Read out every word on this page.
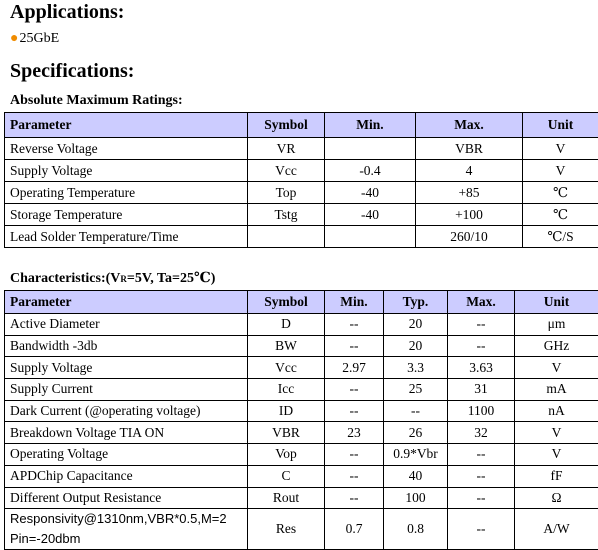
Applications:
●25GbE
Specifications:
Absolute Maximum Ratings:
Parameter	Symbol	Min.	Max.	Unit
Reverse Voltage	VR		VBR	V
Supply Voltage	Vcc	-0.4	4	V
Operating Temperature	Top	-40	+85	℃
Storage Temperature	Tstg	-40	+100	℃
Lead Solder Temperature/Time			260/10	℃/S
Characteristics:(VR=5V, Ta=25℃)
Parameter	Symbol	Min.	Typ.	Max.	Unit
Active Diameter	D	--	20	--	μm
Bandwidth -3db	BW	--	20	--	GHz
Supply Voltage	Vcc	2.97	3.3	3.63	V
Supply Current	Icc	--	25	31	mA
Dark Current (@operating voltage)	ID	--	--	1100	nA
Breakdown Voltage TIA ON	VBR	23	26	32	V
Operating Voltage	Vop	--	0.9*Vbr	--	V
APDChip Capacitance	C	--	40	--	fF
Different Output Resistance	Rout	--	100	--	Ω
Responsivity@1310nm,VBR*0.5,M=2 Pin=-20dbm	Res	0.7	0.8	--	A/W
